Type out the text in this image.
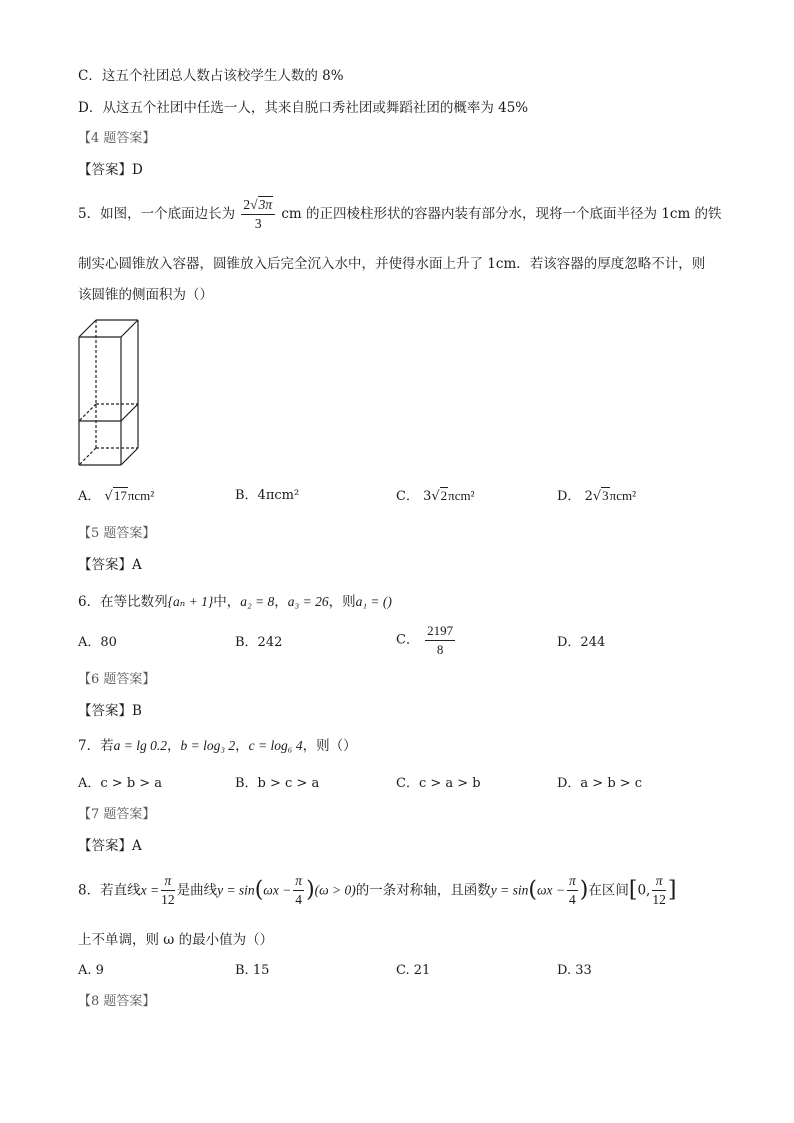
C．这五个社团总人数占该校学生人数的 8%
D．从这五个社团中任选一人，其来自脱口秀社团或舞蹈社团的概率为 45%
【4 题答案】
【答案】D
5．如图，一个底面边长为 $\frac{2√3\pi}{3}$ cm 的正四棱柱形状的容器内装有部分水，现将一个底面半径为 1cm 的铁
制实心圆锥放入容器，圆锥放入后完全沉入水中，并使得水面上升了 1cm．若该容器的厚度忽略不计，则
该圆锥的侧面积为（）
A． √17πcm²	B．4πcm²	C． 3√2πcm²	D． 2√3πcm²
【5 题答案】
【答案】A
6．在等比数列{aₙ + 1}中，a₂ = 8，a₃ = 26，则a₁ = ()
A．80	B．242	C． $\frac{2197}{8}$	D．244
【6 题答案】
【答案】B
7．若a = lg 0.2，b = log₃ 2，c = log₆ 4，则（）
A．c > b > a	B．b > c > a	C．c > a > b	D．a > b > c
【7 题答案】
【答案】A
8．若直线$x = \frac{\pi}{12}$ 是曲线$y = \sin(\omega x - \frac{\pi}{4} )(\omega > 0)$的一条对称轴，且函数$y = \sin(\omega x - \frac{\pi}{4}$ )在区间[0, $\frac{\pi}{12}$ ]
上不单调，则 ω 的最小值为（）
A. 9	B. 15	C. 21	D. 33
【8 题答案】
